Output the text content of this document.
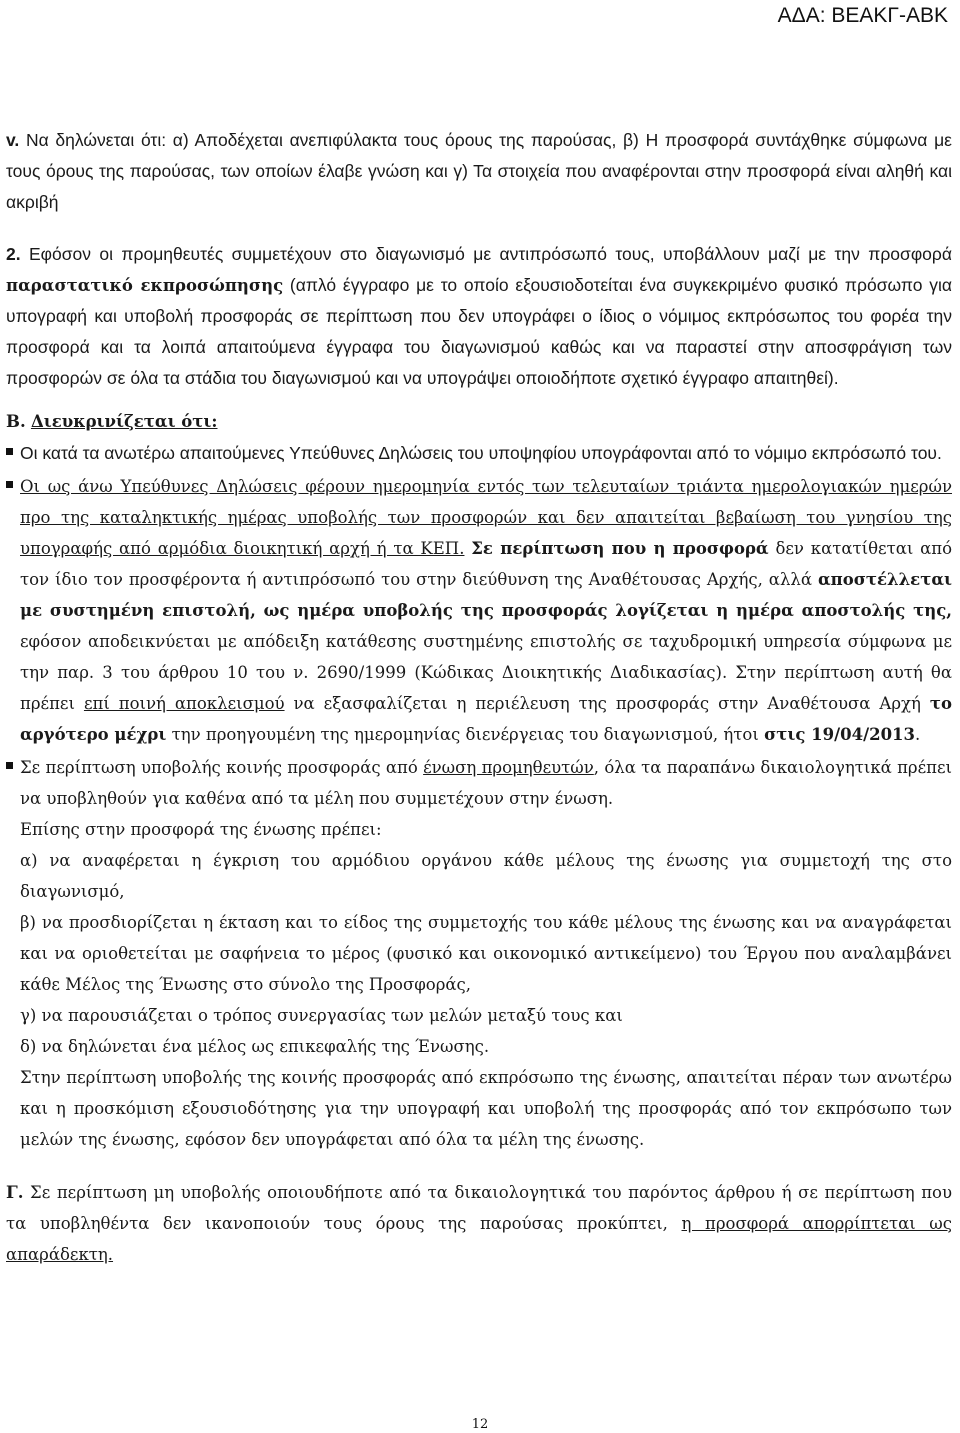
ΑΔΑ: ΒΕΑΚΓ-ΑΒΚ

v. Να δηλώνεται ότι: α) Αποδέχεται ανεπιφύλακτα τους όρους της παρούσας, β) Η προσφορά συντάχθηκε σύμφωνα με τους όρους της παρούσας, των οποίων έλαβε γνώση και γ) Τα στοιχεία που αναφέρονται στην προσφορά είναι αληθή και ακριβή

2. Εφόσον οι προμηθευτές συμμετέχουν στο διαγωνισμό με αντιπρόσωπό τους, υποβάλλουν μαζί με την προσφορά παραστατικό εκπροσώπησης (απλό έγγραφο με το οποίο εξουσιοδοτείται ένα συγκεκριμένο φυσικό πρόσωπο για υπογραφή και υποβολή προσφοράς σε περίπτωση που δεν υπογράφει ο ίδιος ο νόμιμος εκπρόσωπος του φορέα την προσφορά και τα λοιπά απαιτούμενα έγγραφα του διαγωνισμού καθώς και να παραστεί στην αποσφράγιση των προσφορών σε όλα τα στάδια του διαγωνισμού και να υπογράψει οποιοδήποτε σχετικό έγγραφο απαιτηθεί).

Β. Διευκρινίζεται ότι:

Οι κατά τα ανωτέρω απαιτούμενες Υπεύθυνες Δηλώσεις του υποψηφίου υπογράφονται από το νόμιμο εκπρόσωπό του.

Οι ως άνω Υπεύθυνες Δηλώσεις φέρουν ημερομηνία εντός των τελευταίων τριάντα ημερολογιακών ημερών προ της καταληκτικής ημέρας υποβολής των προσφορών και δεν απαιτείται βεβαίωση του γνησίου της υπογραφής από αρμόδια διοικητική αρχή ή τα ΚΕΠ. Σε περίπτωση που η προσφορά δεν κατατίθεται από τον ίδιο τον προσφέροντα ή αντιπρόσωπό του στην διεύθυνση της Αναθέτουσας Αρχής, αλλά αποστέλλεται με συστημένη επιστολή, ως ημέρα υποβολής της προσφοράς λογίζεται η ημέρα αποστολής της, εφόσον αποδεικνύεται με απόδειξη κατάθεσης συστημένης επιστολής σε ταχυδρομική υπηρεσία σύμφωνα με την παρ. 3 του άρθρου 10 του ν. 2690/1999 (Κώδικας Διοικητικής Διαδικασίας). Στην περίπτωση αυτή θα πρέπει επί ποινή αποκλεισμού να εξασφαλίζεται η περιέλευση της προσφοράς στην Αναθέτουσα Αρχή το αργότερο μέχρι την προηγουμένη της ημερομηνίας διενέργειας του διαγωνισμού, ήτοι στις 19/04/2013.

Σε περίπτωση υποβολής κοινής προσφοράς από ένωση προμηθευτών, όλα τα παραπάνω δικαιολογητικά πρέπει να υποβληθούν για καθένα από τα μέλη που συμμετέχουν στην ένωση.

Επίσης στην προσφορά της ένωσης πρέπει:

α) να αναφέρεται η έγκριση του αρμόδιου οργάνου κάθε μέλους της ένωσης για συμμετοχή της στο διαγωνισμό,

β) να προσδιορίζεται η έκταση και το είδος της συμμετοχής του κάθε μέλους της ένωσης και να αναγράφεται και να οριοθετείται με σαφήνεια το μέρος (φυσικό και οικονομικό αντικείμενο) του Έργου που αναλαμβάνει κάθε Μέλος της Ένωσης στο σύνολο της Προσφοράς,

γ) να παρουσιάζεται ο τρόπος συνεργασίας των μελών μεταξύ τους και

δ) να δηλώνεται ένα μέλος ως επικεφαλής της Ένωσης.

Στην περίπτωση υποβολής της κοινής προσφοράς από εκπρόσωπο της ένωσης, απαιτείται πέραν των ανωτέρω και η προσκόμιση εξουσιοδότησης για την υπογραφή και υποβολή της προσφοράς από τον εκπρόσωπο των μελών της ένωσης, εφόσον δεν υπογράφεται από όλα τα μέλη της ένωσης.

Γ. Σε περίπτωση μη υποβολής οποιουδήποτε από τα δικαιολογητικά του παρόντος άρθρου ή σε περίπτωση που τα υποβληθέντα δεν ικανοποιούν τους όρους της παρούσας προκύπτει, η προσφορά απορρίπτεται ως απαράδεκτη.

12
